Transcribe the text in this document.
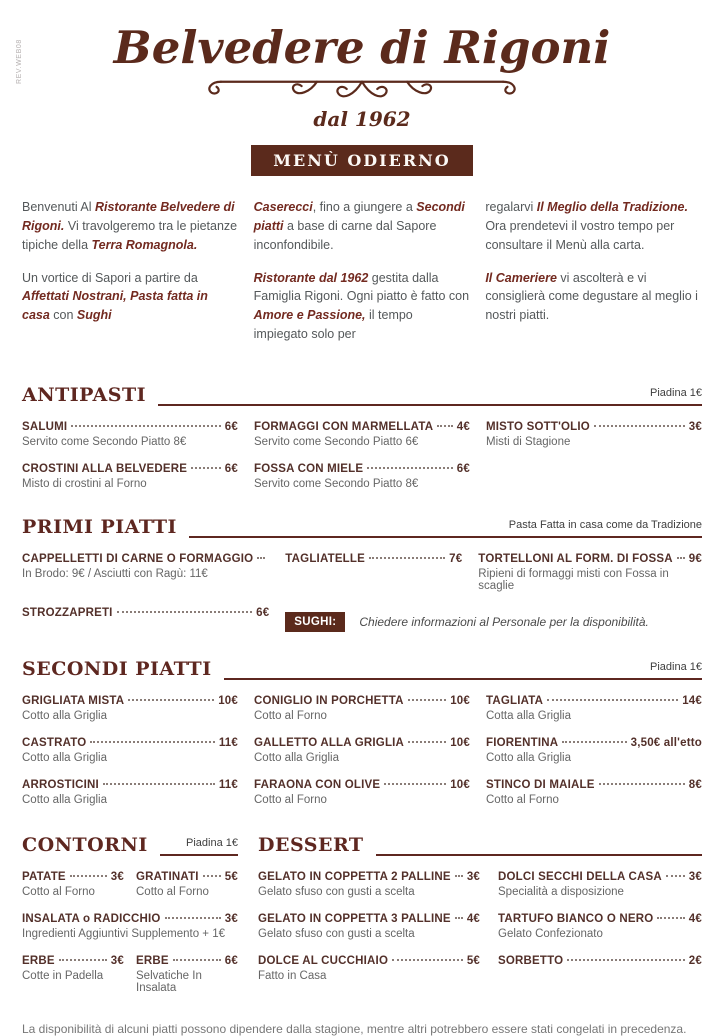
REV.WEB08	Belvedere di Rigoni
dal 1962
MENÙ ODIERNO

Benvenuti Al Ristorante Belvedere di Rigoni. Vi travolgeremo tra le pietanze tipiche della Terra Romagnola.

Un vortice di Sapori a partire da Affettati Nostrani, Pasta fatta in casa con Sughi

Caserecci, fino a giungere a Secondi piatti a base di carne dal Sapore inconfondibile.

Ristorante dal 1962 gestita dalla Famiglia Rigoni. Ogni piatto è fatto con Amore e Passione, il tempo impiegato solo per

regalarvi Il Meglio della Tradizione. Ora prendetevi il vostro tempo per consultare il Menù alla carta.

Il Cameriere vi ascolterà e vi consiglierà come degustare al meglio i nostri piatti.

ANTIPASTI	Piadina 1€
SALUMI	6€
Servito come Secondo Piatto 8€
FORMAGGI CON MARMELLATA 4€
Servito come Secondo Piatto 6€
MISTO SOTT'OLIO	3€
Misti di Stagione
CROSTINI ALLA BELVEDERE	6€
Misto di crostini al Forno
FOSSA CON MIELE	6€
Servito come Secondo Piatto 8€
PRIMI PIATTI	Pasta Fatta in casa come da Tradizione
CAPPELLETTI DI CARNE O FORMAGGIO
In Brodo: 9€ / Asciutti con Ragù: 11€
TAGLIATELLE	7€ TORTELLONI AL FORM. DI FOSSA 9€
Ripieni di formaggi misti con Fossa in scaglie
STROZZAPRETI	6€
SUGHI:	Chiedere informazioni al Personale per la disponibilità.
SECONDI PIATTI	Piadina 1€
GRIGLIATA MISTA	10€
Cotto alla Griglia
CONIGLIO IN PORCHETTA	10€
Cotto al Forno
TAGLIATA	14€
Cotta alla Griglia
CASTRATO	11€
Cotto alla Griglia
GALLETTO ALLA GRIGLIA	10€
Cotto alla Griglia
FIORENTINA	3,50€ all'etto
Cotto alla Griglia
ARROSTICINI	11€
Cotto alla Griglia
FARAONA CON OLIVE	10€
Cotto al Forno
STINCO DI MAIALE	8€
Cotto al Forno
CONTORNI	Piadina 1€
PATATE	3€
Cotto al Forno
GRATINATI 5€
Cotto al Forno
INSALATA o RADICCHIO	3€
Ingredienti Aggiuntivi Supplemento + 1€
ERBE	3€
Cotte in Padella
ERBE	6€
Selvatiche In Insalata
DESSERT
GELATO IN COPPETTA 2 PALLINE 3€
Gelato sfuso con gusti a scelta
GELATO IN COPPETTA 3 PALLINE 4€
Gelato sfuso con gusti a scelta
DOLCE AL CUCCHIAIO	5€
Fatto in Casa
DOLCI SECCHI DELLA CASA 3€
Specialità a disposizione
TARTUFO BIANCO O NERO	4€
Gelato Confezionato
SORBETTO	2€
La disponibilità di alcuni piatti possono dipendere dalla stagione, mentre altri potrebbero essere stati congelati in precedenza.
